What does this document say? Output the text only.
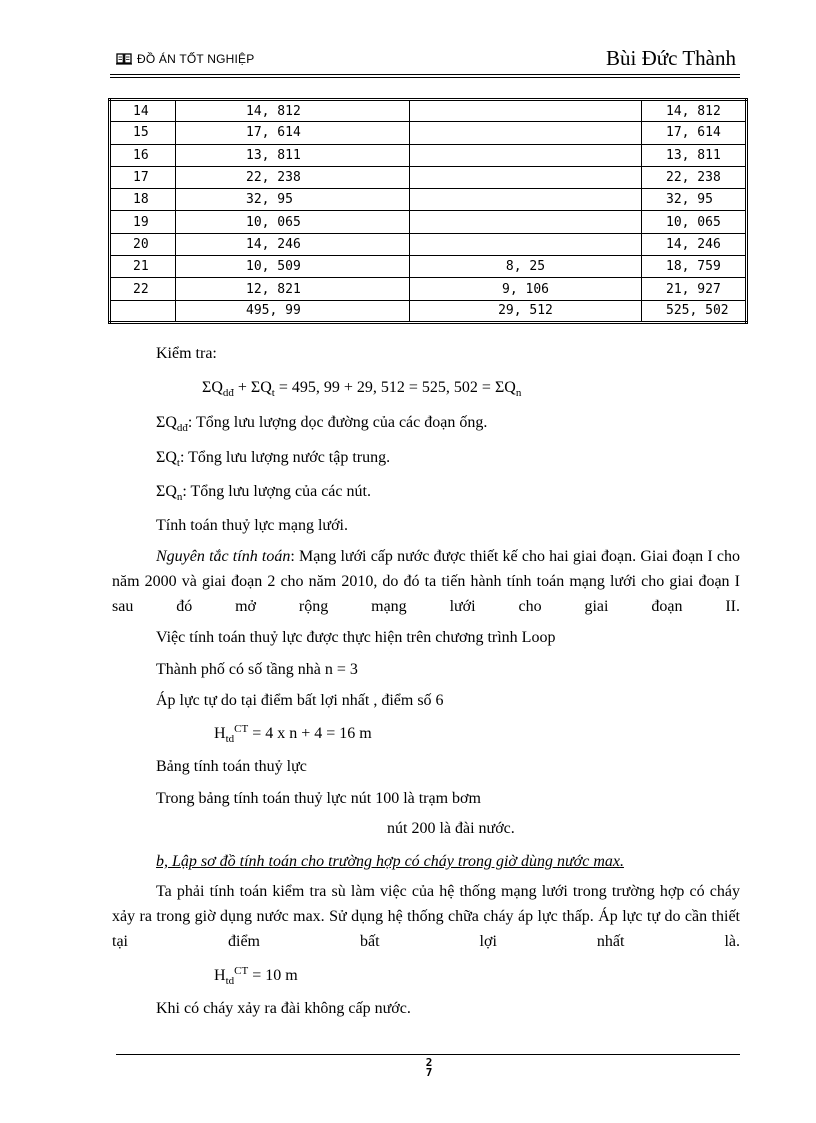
ĐỒ ÁN TỐT NGHIỆP	Bùi Đức Thành
14	14, 812		14, 812
15	17, 614		17, 614
16	13, 811		13, 811
17	22, 238		22, 238
18	32, 95		32, 95
19	10, 065		10, 065
20	14, 246		14, 246
21	10, 509	8, 25	18, 759
22	12, 821	9, 106	21, 927
	495, 99	29, 512	525, 502
Kiểm tra:
$\Sigma Q_{dđ} + \Sigma Q_t = 495$, 99 + 29, 512 = 525, $502 = \Sigma Q_n$
$\Sigma Q_{dđ}$: Tổng lưu lượng dọc đường của các đoạn ống.
$\Sigma Q_t$: Tổng lưu lượng nước tập trung.
$\Sigma Q_n$: Tổng lưu lượng của các nút.
Tính toán thuỷ lực mạng lưới.
Nguyên tắc tính toán: Mạng lưới cấp nước được thiết kế cho hai giai đoạn. Giai đoạn I cho năm 2000 và giai đoạn 2 cho năm 2010, do đó ta tiến hành tính toán mạng lưới cho giai đoạn I sau đó mở rộng mạng lưới cho giai đoạn II.
Việc tính toán thuỷ lực được thực hiện trên chương trình Loop
Thành phố có số tầng nhà n = 3
Áp lực tự do tại điểm bất lợi nhất , điểm số 6
$H_{td}^{CT} = 4$ x n + 4 = 16 m
Bảng tính toán thuỷ lực
Trong bảng tính toán thuỷ lực nút 100 là trạm bơm
nút 200 là đài nước.
b, Lập sơ đồ tính toán cho trường hợp có cháy trong giờ dùng nước max.
Ta phải tính toán kiểm tra sù làm việc của hệ thống mạng lưới trong trường hợp có cháy xảy ra trong giờ dụng nước max. Sử dụng hệ thống chữa cháy áp lực thấp. Áp lực tự do cần thiết tại điểm bất lợi nhất là.
$H_{td}^{CT} = 10$ m
Khi có cháy xảy ra đài không cấp nước.
2
7
